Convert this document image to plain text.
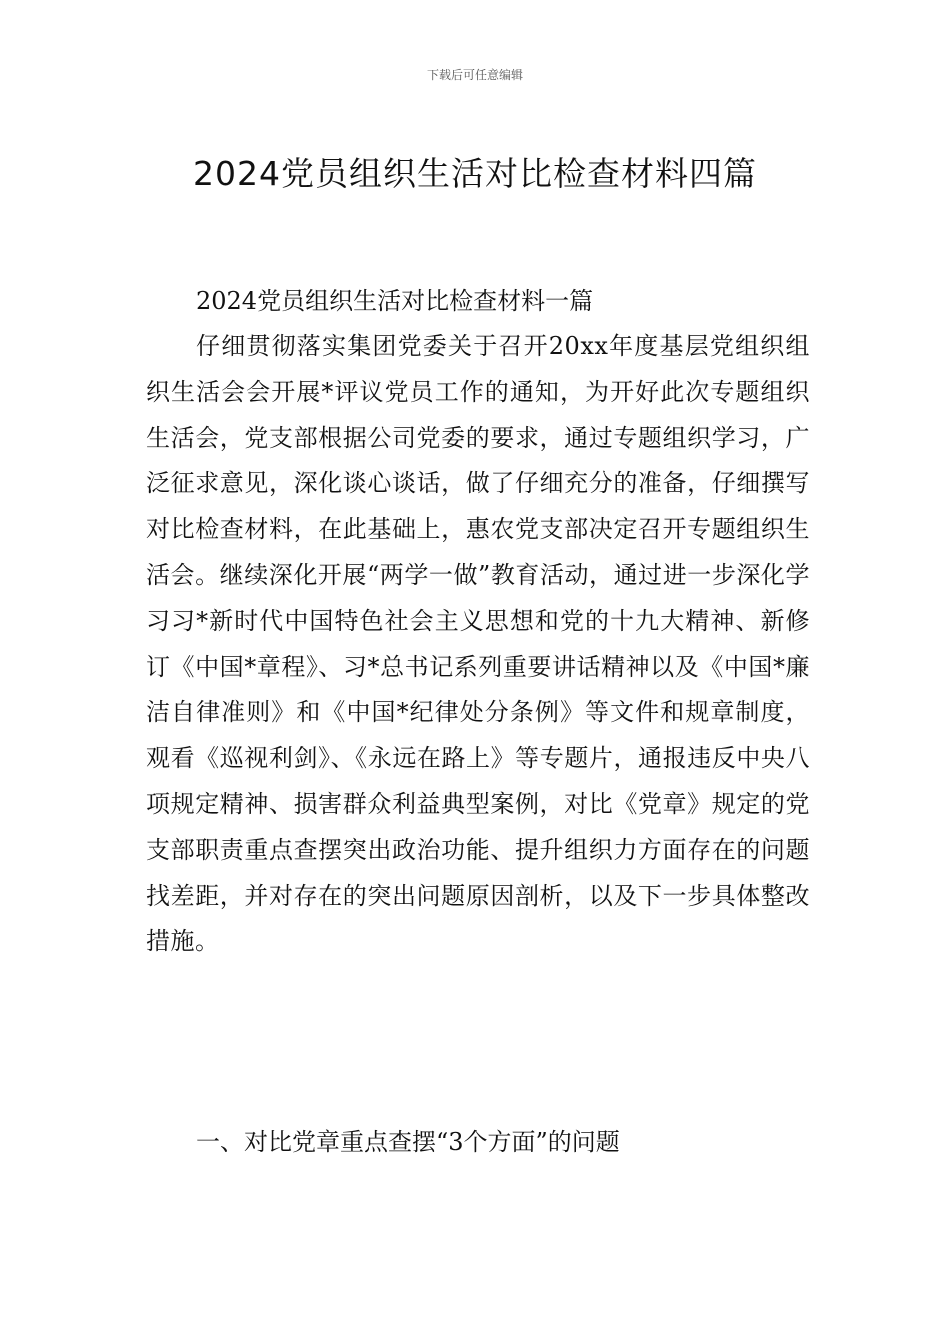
下载后可任意编辑
2024党员组织生活对比检查材料四篇

2024党员组织生活对比检查材料一篇

仔细贯彻落实集团党委关于召开20xx年度基层党组织组织生活会会开展*评议党员工作的通知，为开好此次专题组织生活会，党支部根据公司党委的要求，通过专题组织学习，广泛征求意见，深化谈心谈话，做了仔细充分的准备，仔细撰写对比检查材料，在此基础上，惠农党支部决定召开专题组织生活会。继续深化开展“两学一做”教育活动，通过进一步深化学习习*新时代中国特色社会主义思想和党的十九大精神、新修订《中国*章程》、习*总书记系列重要讲话精神以及《中国*廉洁自律准则》和《中国*纪律处分条例》等文件和规章制度，观看《巡视利剑》、《永远在路上》等专题片，通报违反中央八项规定精神、损害群众利益典型案例，对比《党章》规定的党支部职责重点查摆突出政治功能、提升组织力方面存在的问题找差距，并对存在的突出问题原因剖析，以及下一步具体整改措施。

一、对比党章重点查摆“3个方面”的问题
